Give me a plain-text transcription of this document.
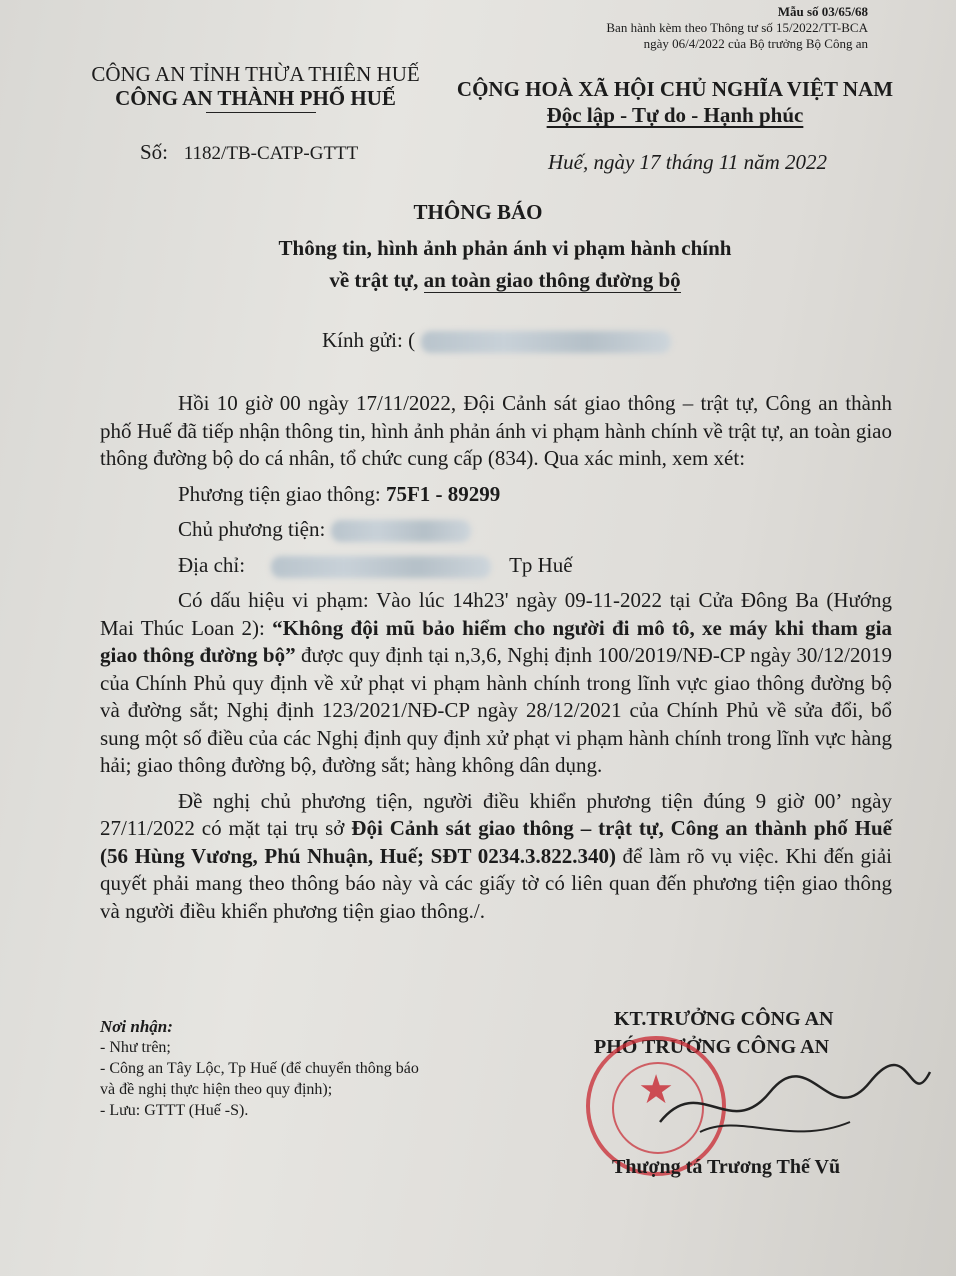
Mẫu số 03/65/68
Ban hành kèm theo Thông tư số 15/2022/TT-BCA
ngày 06/4/2022 của Bộ trưởng Bộ Công an
CÔNG AN TỈNH THỪA THIÊN HUẾ
CÔNG AN THÀNH PHỐ HUẾ	CỘNG HOÀ XÃ HỘI CHỦ NGHĨA VIỆT NAM
Độc lập - Tự do - Hạnh phúc
Số: 1182/TB-CATP-GTTT	Huế, ngày 17 tháng 11 năm 2022
THÔNG BÁO
Thông tin, hình ảnh phản ánh vi phạm hành chính
về trật tự, an toàn giao thông đường bộ
Kính gửi: (

Hồi 10 giờ 00 ngày 17/11/2022, Đội Cảnh sát giao thông – trật tự, Công an thành phố Huế đã tiếp nhận thông tin, hình ảnh phản ánh vi phạm hành chính về trật tự, an toàn giao thông đường bộ do cá nhân, tổ chức cung cấp (834). Qua xác minh, xem xét:

Phương tiện giao thông: 75F1 - 89299
Chủ phương tiện:
Địa chỉ:	Tp Huế

Có dấu hiệu vi phạm: Vào lúc 14h23' ngày 09-11-2022 tại Cửa Đông Ba (Hướng Mai Thúc Loan 2): “Không đội mũ bảo hiểm cho người đi mô tô, xe máy khi tham gia giao thông đường bộ” được quy định tại n,3,6, Nghị định 100/2019/NĐ-CP ngày 30/12/2019 của Chính Phủ quy định về xử phạt vi phạm hành chính trong lĩnh vực giao thông đường bộ và đường sắt; Nghị định 123/2021/NĐ-CP ngày 28/12/2021 của Chính Phủ về sửa đổi, bổ sung một số điều của các Nghị định quy định xử phạt vi phạm hành chính trong lĩnh vực hàng hải; giao thông đường bộ, đường sắt; hàng không dân dụng.

Đề nghị chủ phương tiện, người điều khiển phương tiện đúng 9 giờ 00’ ngày 27/11/2022 có mặt tại trụ sở Đội Cảnh sát giao thông – trật tự, Công an thành phố Huế (56 Hùng Vương, Phú Nhuận, Huế; SĐT 0234.3.822.340) để làm rõ vụ việc. Khi đến giải quyết phải mang theo thông báo này và các giấy tờ có liên quan đến phương tiện giao thông và người điều khiển phương tiện giao thông./.

Nơi nhận:
- Như trên;
- Công an Tây Lộc, Tp Huế (để chuyển thông báo
và đề nghị thực hiện theo quy định);
- Lưu: GTTT (Huế -S).
KT.TRƯỞNG CÔNG AN
PHÓ TRƯỞNG CÔNG AN
★
Thượng tá Trương Thế Vũ
